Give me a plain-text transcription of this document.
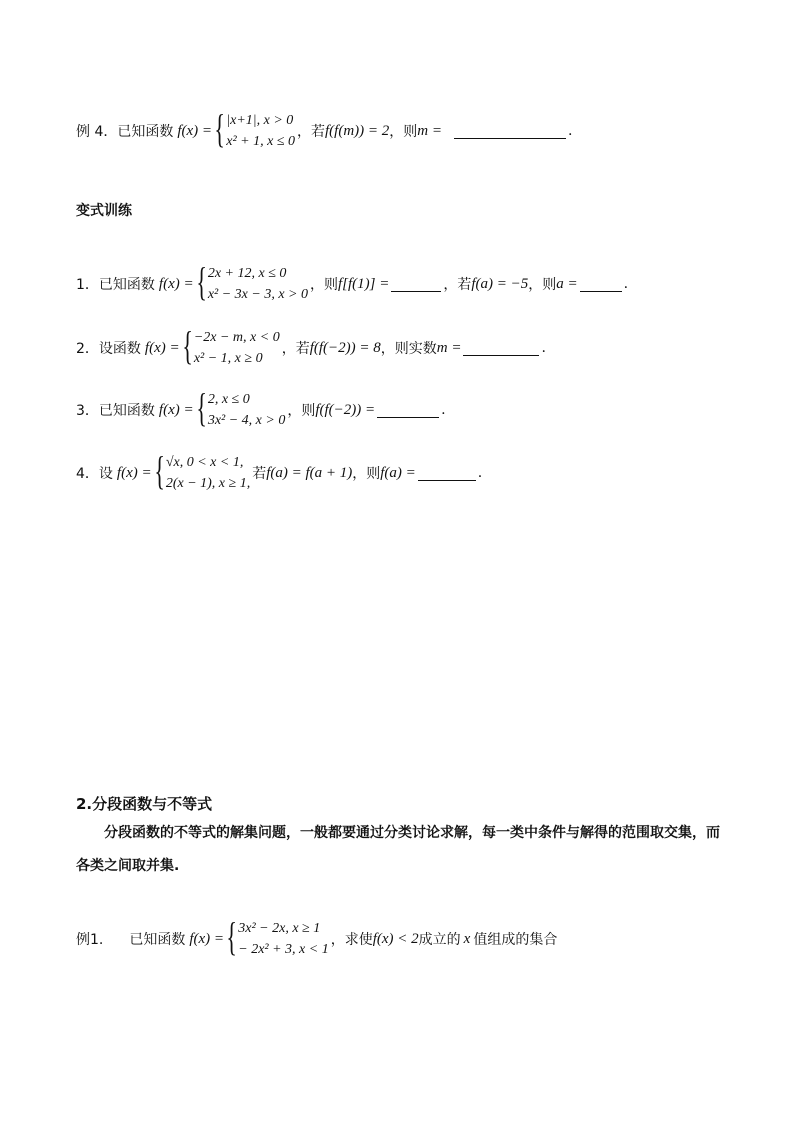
例 4．已知函数 f(x) = { |x+1|, x > 0
x² + 1, x ≤ 0
，若 f(f(m)) = 2 ，则 m =	.
变式训练
1．已知函数 f(x) = { 2x + 12, x ≤ 0
x² − 3x − 3, x > 0
，则 f[f(1)] =	，若 f(a) = −5 ，则 a =	.
2．设函数 f(x) = { −2x − m, x < 0
x² − 1, x ≥ 0
，若 f(f(−2)) = 8 ，则实数 m =	.
3．已知函数 f(x) = { 2, x ≤ 0
3x² − 4, x > 0
，则 f(f(−2)) =	.
4．设 f(x) = { √x, 0 < x < 1,
2(x − 1), x ≥ 1,
若 f(a) = f(a + 1) ，则 f(a) =	.
2.分段函数与不等式
分段函数的不等式的解集问题，一般都要通过分类讨论求解，每一类中条件与解得的范围取交集，而各类之间取并集.
例1. 已知函数 f(x) = { 3x² − 2x, x ≥ 1
− 2x² + 3, x < 1
，求使 f(x) < 2 成立的 x 值组成的集合
